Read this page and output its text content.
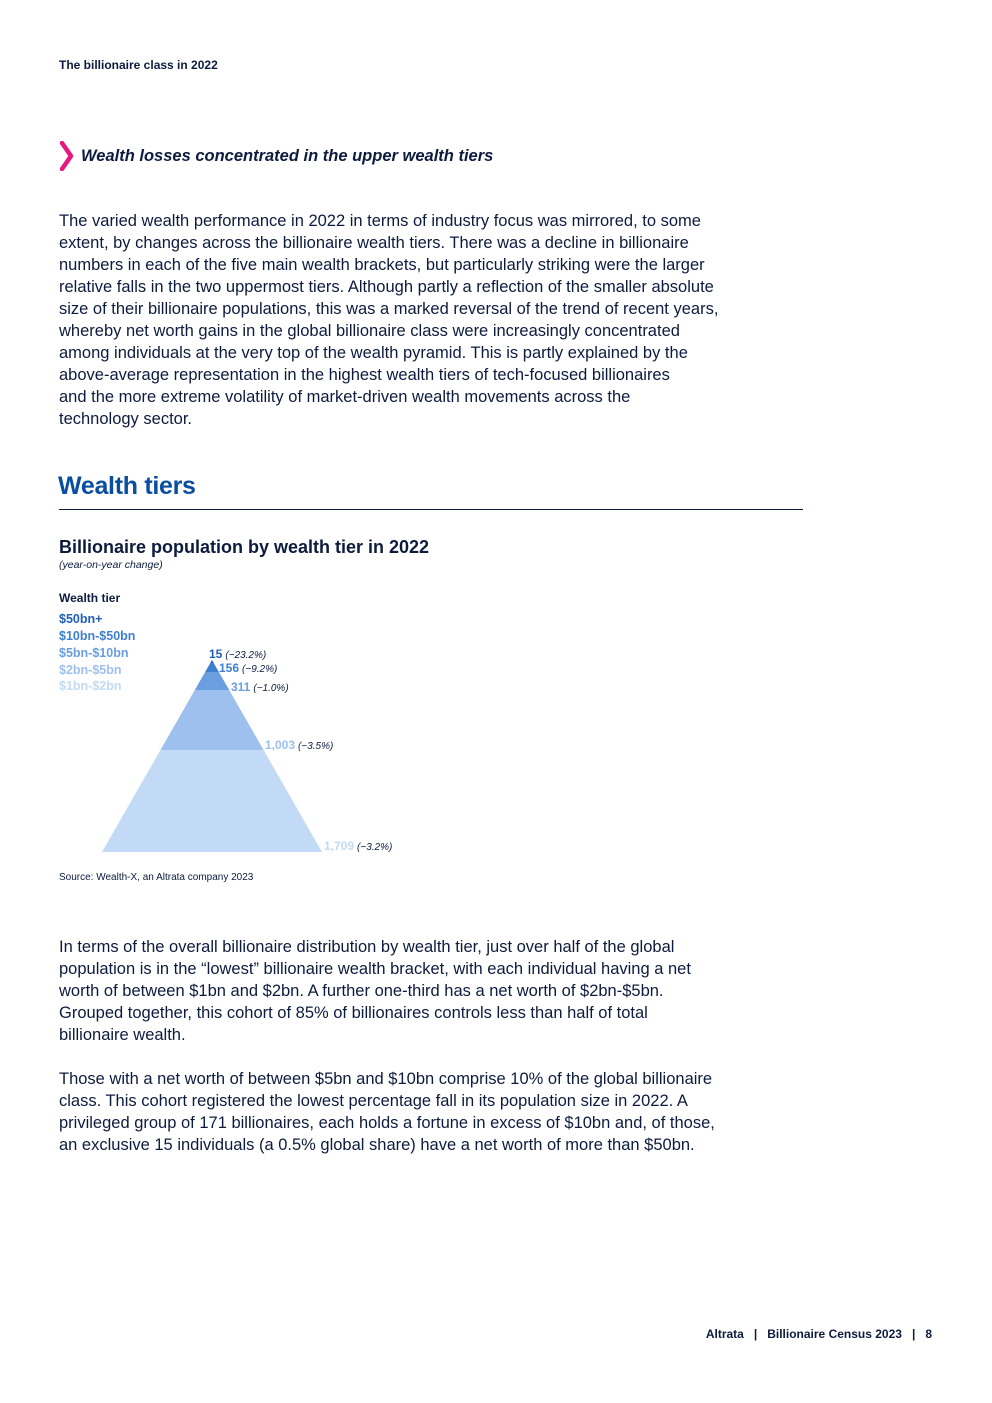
The billionaire class in 2022
Wealth losses concentrated in the upper wealth tiers

The varied wealth performance in 2022 in terms of industry focus was mirrored, to some
extent, by changes across the billionaire wealth tiers. There was a decline in billionaire
numbers in each of the five main wealth brackets, but particularly striking were the larger
relative falls in the two uppermost tiers. Although partly a reflection of the smaller absolute
size of their billionaire populations, this was a marked reversal of the trend of recent years,
whereby net worth gains in the global billionaire class were increasingly concentrated
among individuals at the very top of the wealth pyramid. This is partly explained by the
above-average representation in the highest wealth tiers of tech-focused billionaires
and the more extreme volatility of market-driven wealth movements across the
technology sector.

Wealth tiers
Billionaire population by wealth tier in 2022
(year-on-year change)
Wealth tier
$50bn+
$10bn-$50bn
$5bn-$10bn
$2bn-$5bn
$1bn-$2bn
15 (−23.2%)
156 (−9.2%)
311 (−1.0%)
1,003 (−3.5%)
1,709 (−3.2%)
Source: Wealth-X, an Altrata company 2023

In terms of the overall billionaire distribution by wealth tier, just over half of the global
population is in the “lowest” billionaire wealth bracket, with each individual having a net
worth of between $1bn and $2bn. A further one-third has a net worth of $2bn-$5bn.
Grouped together, this cohort of 85% of billionaires controls less than half of total
billionaire wealth.

Those with a net worth of between $5bn and $10bn comprise 10% of the global billionaire
class. This cohort registered the lowest percentage fall in its population size in 2022. A
privileged group of 171 billionaires, each holds a fortune in excess of $10bn and, of those,
an exclusive 15 individuals (a 0.5% global share) have a net worth of more than $50bn.

Altrata | Billionaire Census 2023 | 8
